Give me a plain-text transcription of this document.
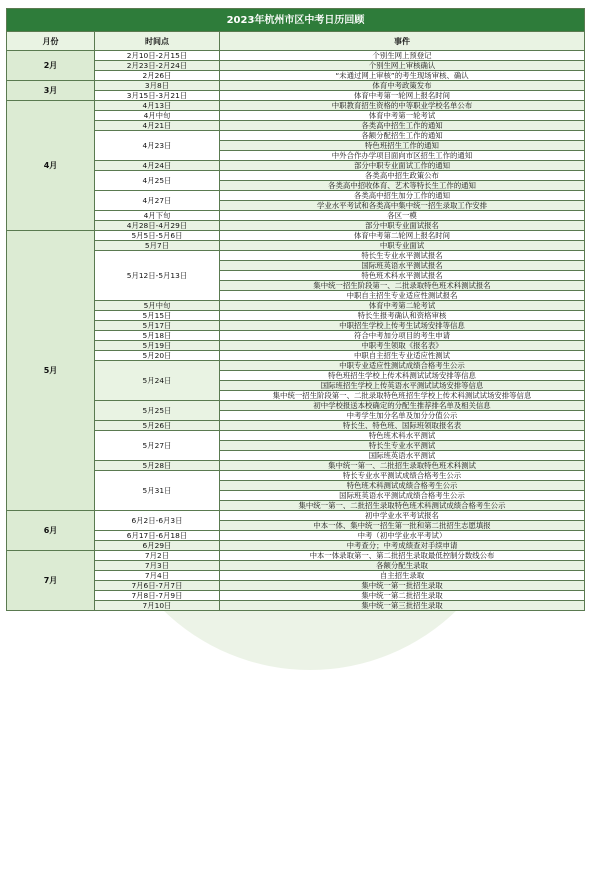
2023年杭州市区中考日历回顾		
月份	时间点	事件
2月	2月10日-2月15日	个别生网上预登记
	2月23日-2月24日	个别生网上审核确认
	2月26日	“未通过网上审核”的考生现场审核、确认
3月	3月8日	体育中考政策发布
	3月15日-3月21日	体育中考第一轮网上报名时间
4月	4月13日	中职教育招生资格的中等职业学校名单公布
	4月中旬	体育中考第一轮考试
	4月21日	各类高中招生工作的通知
	4月23日	各额分配招生工作的通知
		特色班招生工作的通知
		中外合作办学项目面向市区招生工作的通知
	4月24日	部分中职专业面试工作的通知
	4月25日	各类高中招生政策公布
		各类高中招收体育、艺术等特长生工作的通知
	4月27日	各类高中招生加分工作的通知
		学业水平考试和各类高中集中统一招生录取工作安排
	4月下旬	各区一模
	4月28日-4月29日	部分中职专业面试报名
5月	5月5日-5月6日	体育中考第二轮网上报名时间
	5月7日	中职专业面试
	5月12日-5月13日	特长生专业水平测试报名
		国际班英语水平测试报名
		特色班术科水平测试报名
		集中统一招生阶段第一、二批录取特色班术科测试报名
		中职自主招生专业适应性测试报名
	5月中旬	体育中考第二轮考试
	5月15日	特长生报考确认和资格审核
	5月17日	中职招生学校上传考生试场安排等信息
	5月18日	符合中考加分项目的考生申请
	5月19日	中职考生领取《报名表》
	5月20日	中职自主招生专业适应性测试
	5月24日	中职专业适应性测试成绩合格考生公示
		特色班招生学校上传术科测试试场安排等信息
		国际班招生学校上传英语水平测试试场安排等信息
		集中统一招生阶段第一、二批录取特色班招生学校上传术科测试试场安排等信息
	5月25日	初中学校报送本校确定的分配生推荐排名单及相关信息
		中考学生加分名单及加分分值公示
	5月26日	特长生、特色班、国际班领取报名表
	5月27日	特色班术科水平测试
		特长生专业水平测试
		国际班英语水平测试
	5月28日	集中统一第一、二批招生录取特色班术科测试
	5月31日	特长专业水平测试成绩合格考生公示
		特色班术科测试成绩合格考生公示
		国际班英语水平测试成绩合格考生公示
		集中统一第一、二批招生录取特色班术科测试成绩合格考生公示
6月	6月2日-6月3日	初中学业水平考试报名
		中本一体、集中统一招生第一批和第二批招生志愿填报
	6月17日-6月18日	中考（初中学业水平考试）
	6月29日	中考查分；中考成绩查对手续申请
7月	7月2日	中本一体录取第一、第二批招生录取最低控制分数线公布
	7月3日	各额分配生录取
	7月4日	自主招生录取
	7月6日-7月7日	集中统一第一批招生录取
	7月8日-7月9日	集中统一第二批招生录取
	7月10日	集中统一第三批招生录取
